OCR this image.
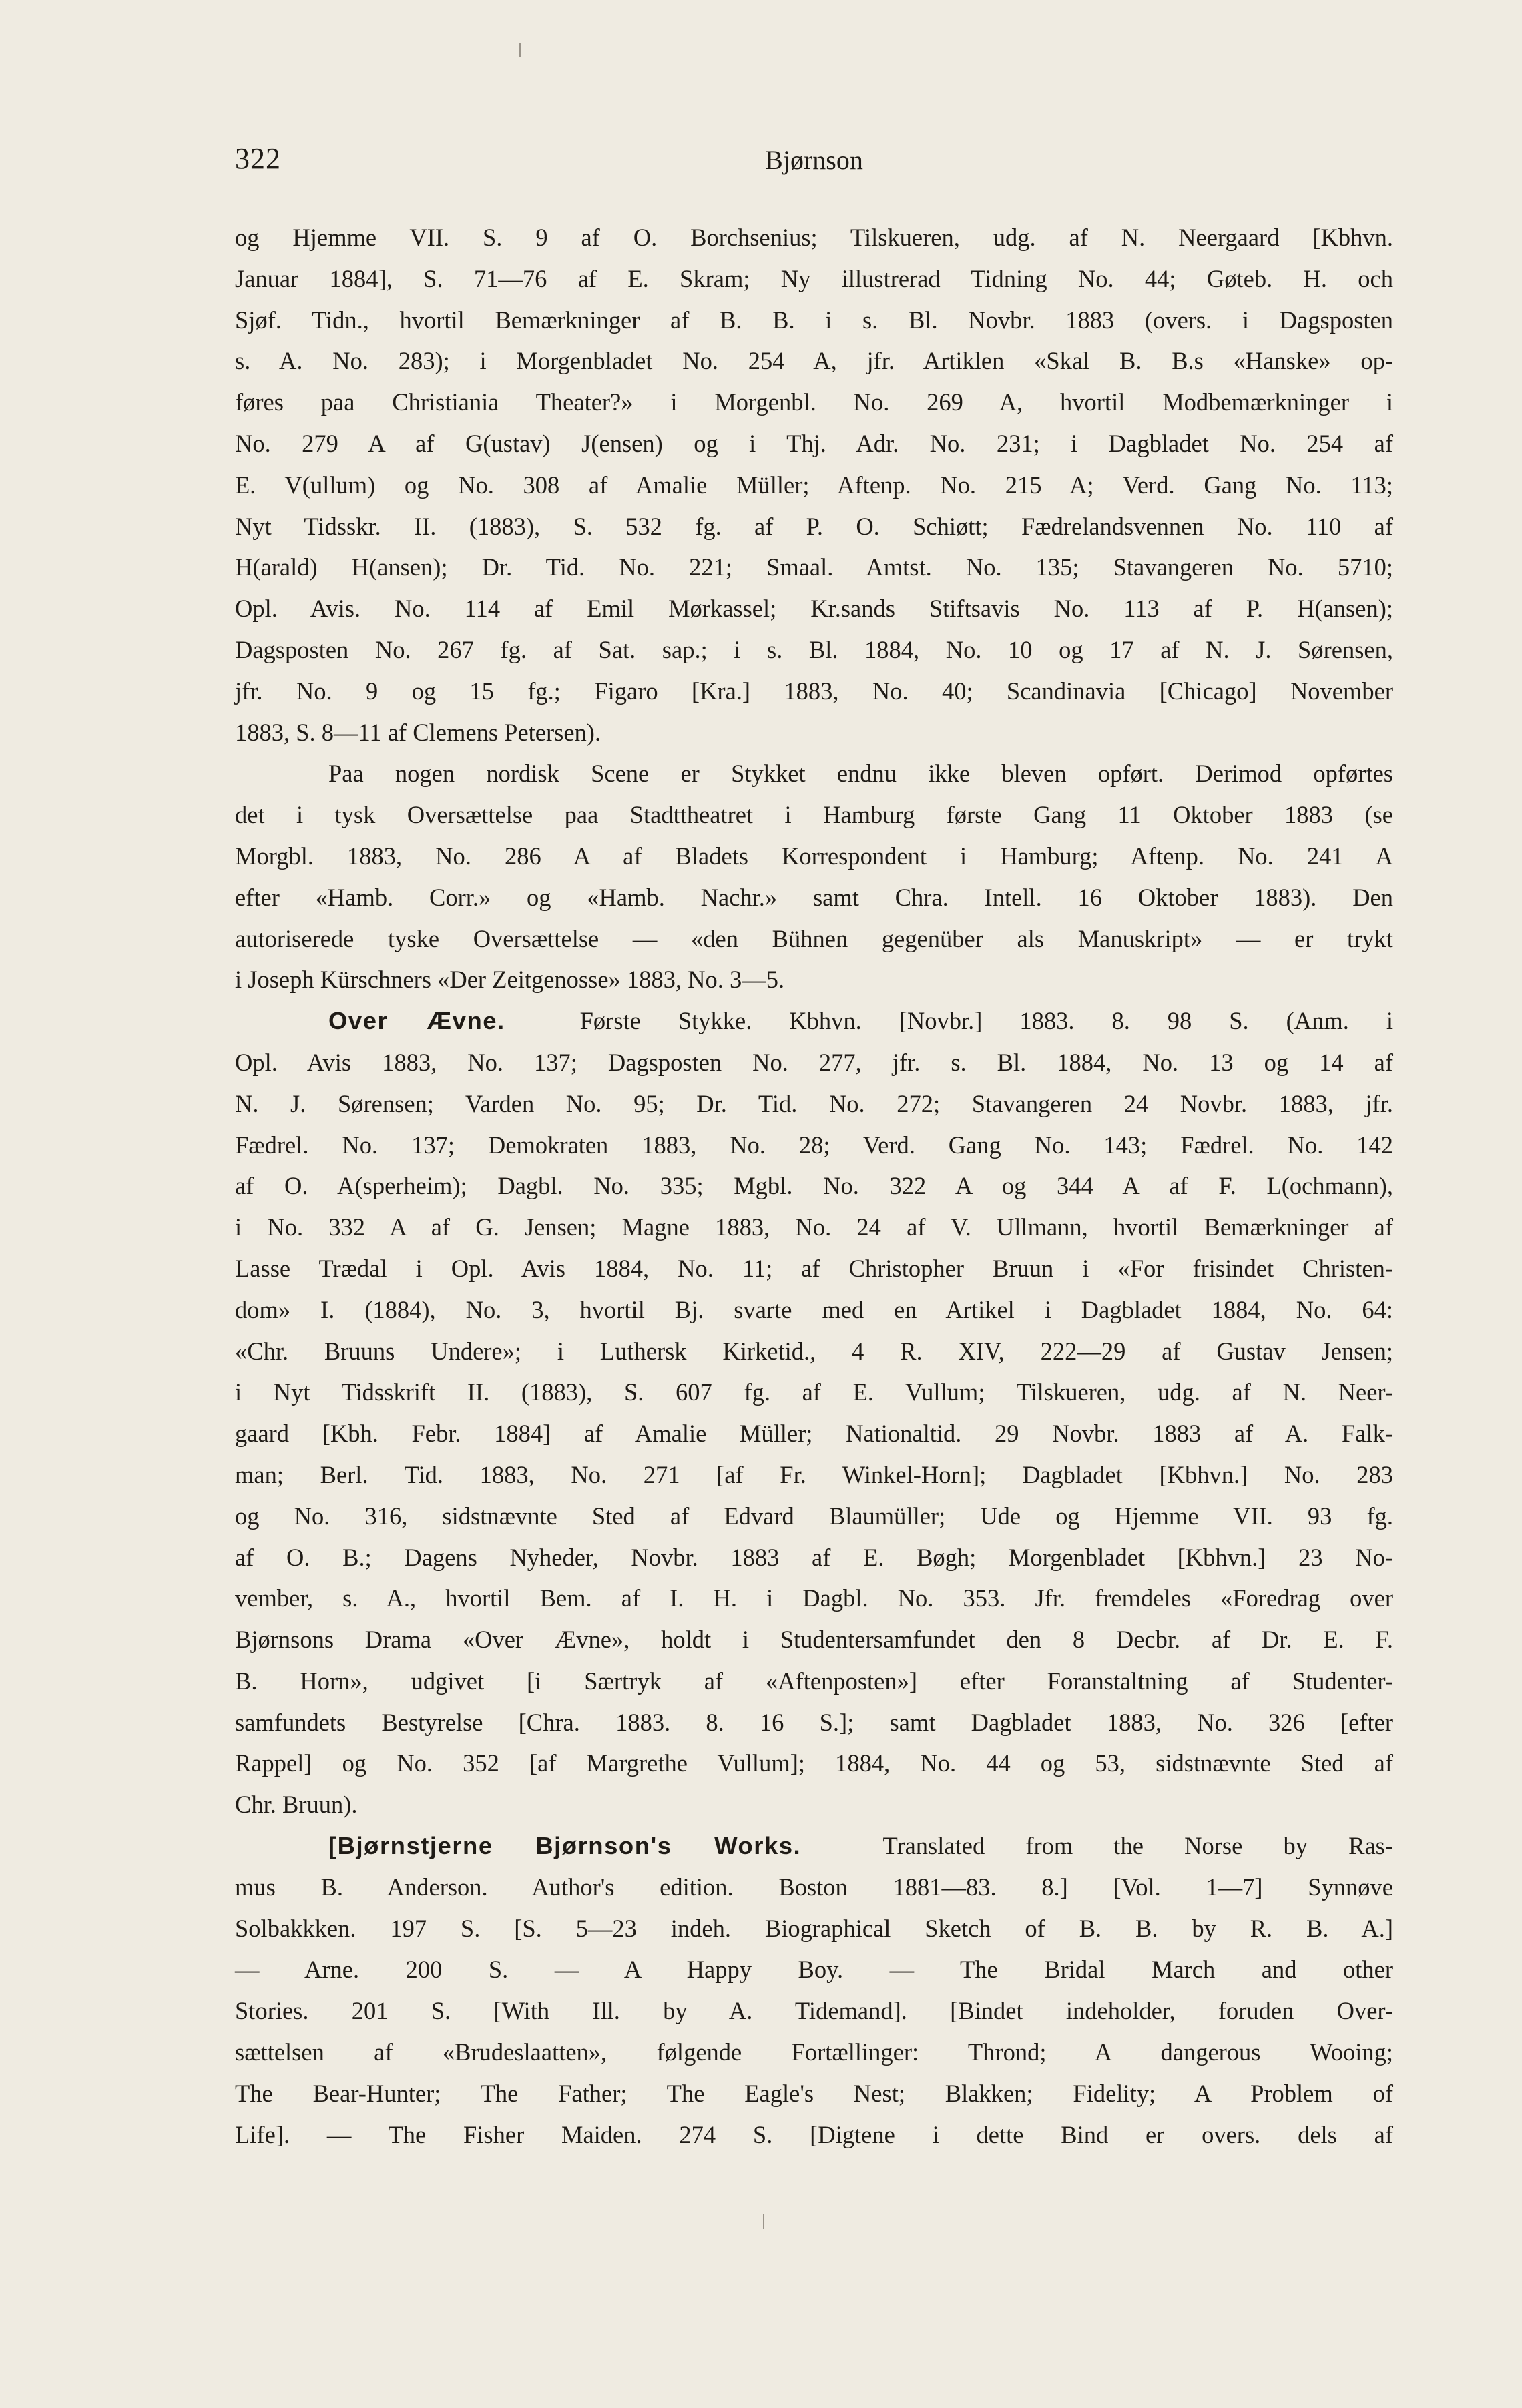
322	Bjørnson
og Hjemme VII. S. 9 af O. Borchsenius; Tilskueren, udg. af N. Neergaard [Kbhvn.
Januar 1884], S. 71—76 af E. Skram; Ny illustrerad Tidning No. 44; Gøteb. H. och
Sjøf. Tidn., hvortil Bemærkninger af B. B. i s. Bl. Novbr. 1883 (overs. i Dagsposten
s. A. No. 283); i Morgenbladet No. 254 A, jfr. Artiklen «Skal B. B.s «Hanske» op-
føres paa Christiania Theater?» i Morgenbl. No. 269 A, hvortil Modbemærkninger i
No. 279 A af G(ustav) J(ensen) og i Thj. Adr. No. 231; i Dagbladet No. 254 af
E. V(ullum) og No. 308 af Amalie Müller; Aftenp. No. 215 A; Verd. Gang No. 113;
Nyt Tidsskr. II. (1883), S. 532 fg. af P. O. Schiøtt; Fædrelandsvennen No. 110 af
H(arald) H(ansen); Dr. Tid. No. 221; Smaal. Amtst. No. 135; Stavangeren No. 5710;
Opl. Avis. No. 114 af Emil Mørkassel; Kr.sands Stiftsavis No. 113 af P. H(ansen);
Dagsposten No. 267 fg. af Sat. sap.; i s. Bl. 1884, No. 10 og 17 af N. J. Sørensen,
jfr. No. 9 og 15 fg.; Figaro [Kra.] 1883, No. 40; Scandinavia [Chicago] November
1883, S. 8—11 af Clemens Petersen).
Paa nogen nordisk Scene er Stykket endnu ikke bleven opført. Derimod opførtes
det i tysk Oversættelse paa Stadttheatret i Hamburg første Gang 11 Oktober 1883 (se
Morgbl. 1883, No. 286 A af Bladets Korrespondent i Hamburg; Aftenp. No. 241 A
efter «Hamb. Corr.» og «Hamb. Nachr.» samt Chra. Intell. 16 Oktober 1883). Den
autoriserede tyske Oversættelse — «den Bühnen gegenüber als Manuskript» — er trykt
i Joseph Kürschners «Der Zeitgenosse» 1883, No. 3—5.
Over Ævne.	Første Stykke. Kbhvn. [Novbr.] 1883. 8. 98 S. (Anm. i
Opl. Avis 1883, No. 137; Dagsposten No. 277, jfr. s. Bl. 1884, No. 13 og 14 af
N. J. Sørensen; Varden No. 95; Dr. Tid. No. 272; Stavangeren 24 Novbr. 1883, jfr.
Fædrel. No. 137; Demokraten 1883, No. 28; Verd. Gang No. 143; Fædrel. No. 142
af O. A(sperheim); Dagbl. No. 335; Mgbl. No. 322 A og 344 A af F. L(ochmann),
i No. 332 A af G. Jensen; Magne 1883, No. 24 af V. Ullmann, hvortil Bemærkninger af
Lasse Trædal i Opl. Avis 1884, No. 11; af Christopher Bruun i «For frisindet Christen-
dom» I. (1884), No. 3, hvortil Bj. svarte med en Artikel i Dagbladet 1884, No. 64:
«Chr. Bruuns Undere»; i Luthersk Kirketid., 4 R. XIV, 222—29 af Gustav Jensen;
i Nyt Tidsskrift II. (1883), S. 607 fg. af E. Vullum; Tilskueren, udg. af N. Neer-
gaard [Kbh. Febr. 1884] af Amalie Müller; Nationaltid. 29 Novbr. 1883 af A. Falk-
man; Berl. Tid. 1883, No. 271 [af Fr. Winkel-Horn]; Dagbladet [Kbhvn.] No. 283
og No. 316, sidstnævnte Sted af Edvard Blaumüller; Ude og Hjemme VII. 93 fg.
af O. B.; Dagens Nyheder, Novbr. 1883 af E. Bøgh; Morgenbladet [Kbhvn.] 23 No-
vember, s. A., hvortil Bem. af I. H. i Dagbl. No. 353. Jfr. fremdeles «Foredrag over
Bjørnsons Drama «Over Ævne», holdt i Studentersamfundet den 8 Decbr. af Dr. E. F.
B. Horn», udgivet [i Særtryk af «Aftenposten»] efter Foranstaltning af Studenter-
samfundets Bestyrelse [Chra. 1883. 8. 16 S.]; samt Dagbladet 1883, No. 326 [efter
Rappel] og No. 352 [af Margrethe Vullum]; 1884, No. 44 og 53, sidstnævnte Sted af
Chr. Bruun).
[Bjørnstjerne Bjørnson's Works.	Translated from the Norse by Ras-
mus B. Anderson. Author's edition. Boston 1881—83. 8.] [Vol. 1—7] Synnøve
Solbakkken. 197 S. [S. 5—23 indeh. Biographical Sketch of B. B. by R. B. A.]
— Arne. 200 S. — A Happy Boy. — The Bridal March and other
Stories. 201 S. [With Ill. by A. Tidemand]. [Bindet indeholder, foruden Over-
sættelsen af «Brudeslaatten», følgende Fortællinger: Thrond; A dangerous Wooing;
The Bear-Hunter; The Father; The Eagle's Nest; Blakken; Fidelity; A Problem of
Life]. — The Fisher Maiden. 274 S. [Digtene i dette Bind er overs. dels af
